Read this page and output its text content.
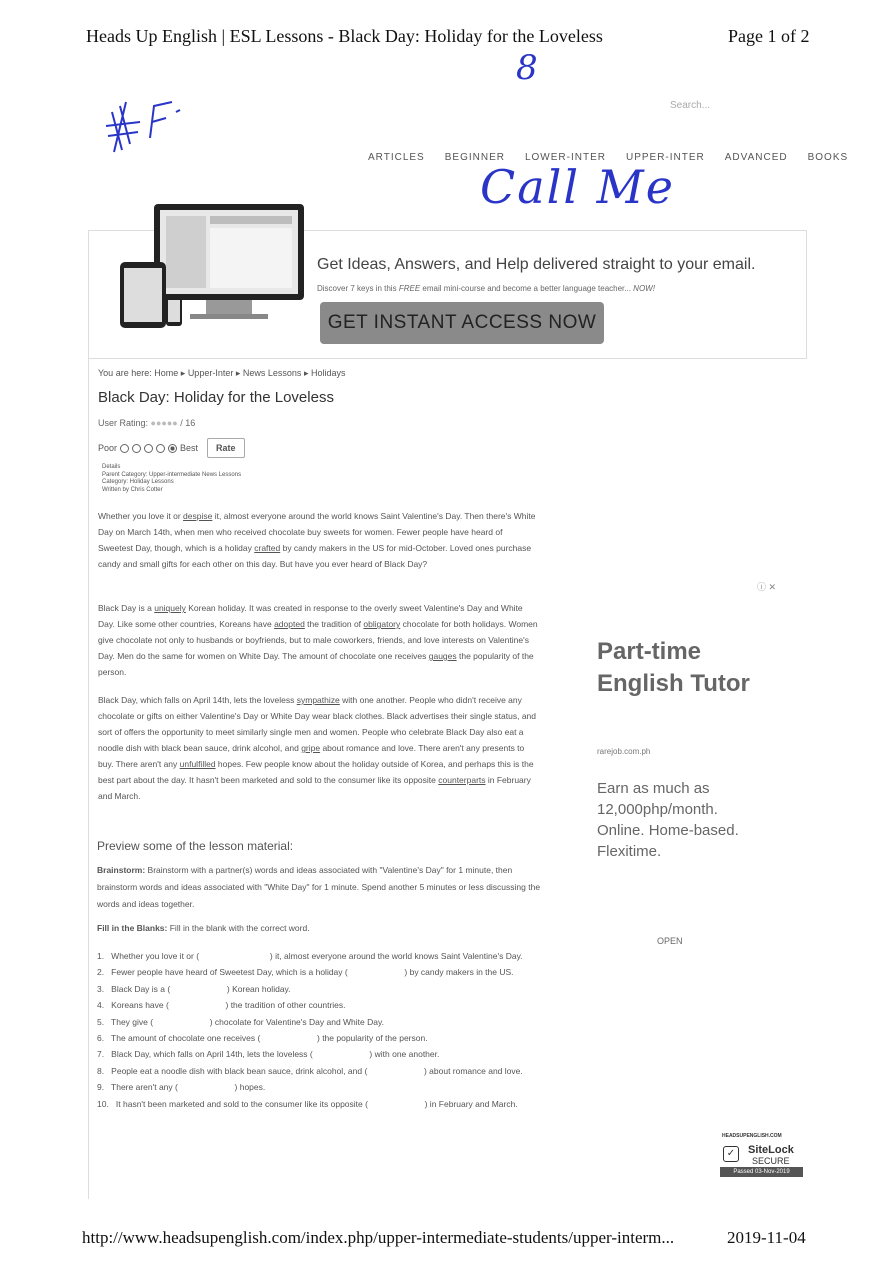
Heads Up English | ESL Lessons - Black Day: Holiday for the Loveless	Page 1 of 2
8
Call Me
Search...
ARTICLES BEGINNER LOWER-INTER UPPER-INTER ADVANCED BOOKS
Get Ideas, Answers, and Help delivered straight to your email.
Discover 7 keys in this FREE email mini-course and become a better language teacher... NOW!
GET INSTANT ACCESS NOW
You are here: Home ▸ Upper-Inter ▸ News Lessons ▸ Holidays
Black Day: Holiday for the Loveless
User Rating: ●●●●● / 16
Poor	Best	Rate
Details
Parent Category: Upper-intermediate News Lessons
Category: Holiday Lessons
Written by Chris Cotter

Whether you love it or despise it, almost everyone around the world knows Saint Valentine's Day. Then there's White Day on March 14th, when men who received chocolate buy sweets for women. Fewer people have heard of Sweetest Day, though, which is a holiday crafted by candy makers in the US for mid-October. Loved ones purchase candy and small gifts for each other on this day. But have you ever heard of Black Day?

Black Day is a uniquely Korean holiday. It was created in response to the overly sweet Valentine's Day and White Day. Like some other countries, Koreans have adopted the tradition of obligatory chocolate for both holidays. Women give chocolate not only to husbands or boyfriends, but to male coworkers, friends, and love interests on Valentine's Day. Men do the same for women on White Day. The amount of chocolate one receives gauges the popularity of the person.

Black Day, which falls on April 14th, lets the loveless sympathize with one another. People who didn't receive any chocolate or gifts on either Valentine's Day or White Day wear black clothes. Black advertises their single status, and sort of offers the opportunity to meet similarly single men and women. People who celebrate Black Day also eat a noodle dish with black bean sauce, drink alcohol, and gripe about romance and love. There aren't any presents to buy. There aren't any unfulfilled hopes. Few people know about the holiday outside of Korea, and perhaps this is the best part about the day. It hasn't been marketed and sold to the consumer like its opposite counterparts in February and March.

Preview some of the lesson material:

Brainstorm: Brainstorm with a partner(s) words and ideas associated with "Valentine's Day" for 1 minute, then brainstorm words and ideas associated with "White Day" for 1 minute. Spend another 5 minutes or less discussing the words and ideas together.

Fill in the Blanks: Fill in the blank with the correct word.
1.   Whether you love it or (                              ) it, almost everyone around the world knows Saint Valentine's Day.
2.   Fewer people have heard of Sweetest Day, which is a holiday (                        ) by candy makers in the US.
3.   Black Day is a (                        ) Korean holiday.
4.   Koreans have (                        ) the tradition of other countries.
5.   They give (                        ) chocolate for Valentine's Day and White Day.
6.   The amount of chocolate one receives (                        ) the popularity of the person.
7.   Black Day, which falls on April 14th, lets the loveless (                        ) with one another.
8.   People eat a noodle dish with black bean sauce, drink alcohol, and (                        ) about romance and love.
9.   There aren't any (                        ) hopes.
10.   It hasn't been marketed and sold to the consumer like its opposite (                        ) in February and March.
ⓘ ✕
Part-time English Tutor
rarejob.com.ph
Earn as much as 12,000php/month. Online. Home-based. Flexitime.
OPEN
HEADSUPENGLISH.COM
✓	SiteLock
SECURE
Passed 03-Nov-2019
http://www.headsupenglish.com/index.php/upper-intermediate-students/upper-interm...	2019-11-04
